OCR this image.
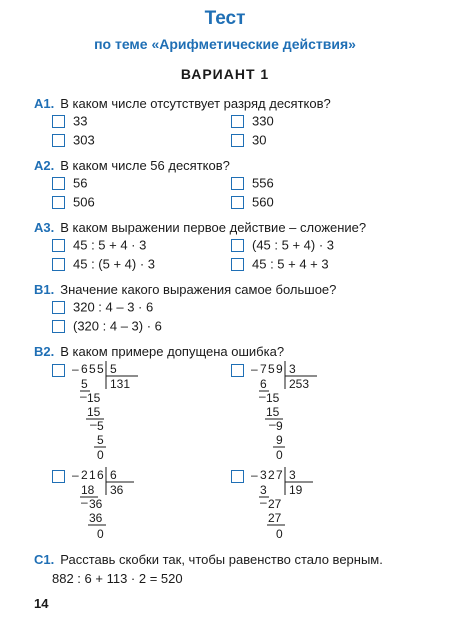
Тест
по теме «Арифметические действия»
ВАРИАНТ 1
А1. В каком числе отсутствует разряд десятков?
33	330
303	30
А2. В каком числе 56 десятков?
56	556
506	560
А3. В каком выражении первое действие – сложение?
45 : 5 + 4 · 3	(45 : 5 + 4) · 3
45 : (5 + 4) · 3	45 : 5 + 4 + 3
В1. Значение какого выражения самое большое?
320 : 4 – 3 · 6
(320 : 4 – 3) · 6
В2. В каком примере допущена ошибка?
– 6 5 5 5
131
5
– 15
15
– 5
5
0
– 7 5 9 3
253
6
– 15
15
– 9
9
0
– 2 1 6 6
36
18
– 36
36
0
– 3 2 7 3
19
3
– 27
27
0
С1. Расставь скобки так, чтобы равенство стало верным.
882 : 6 + 113 · 2 = 520
14
